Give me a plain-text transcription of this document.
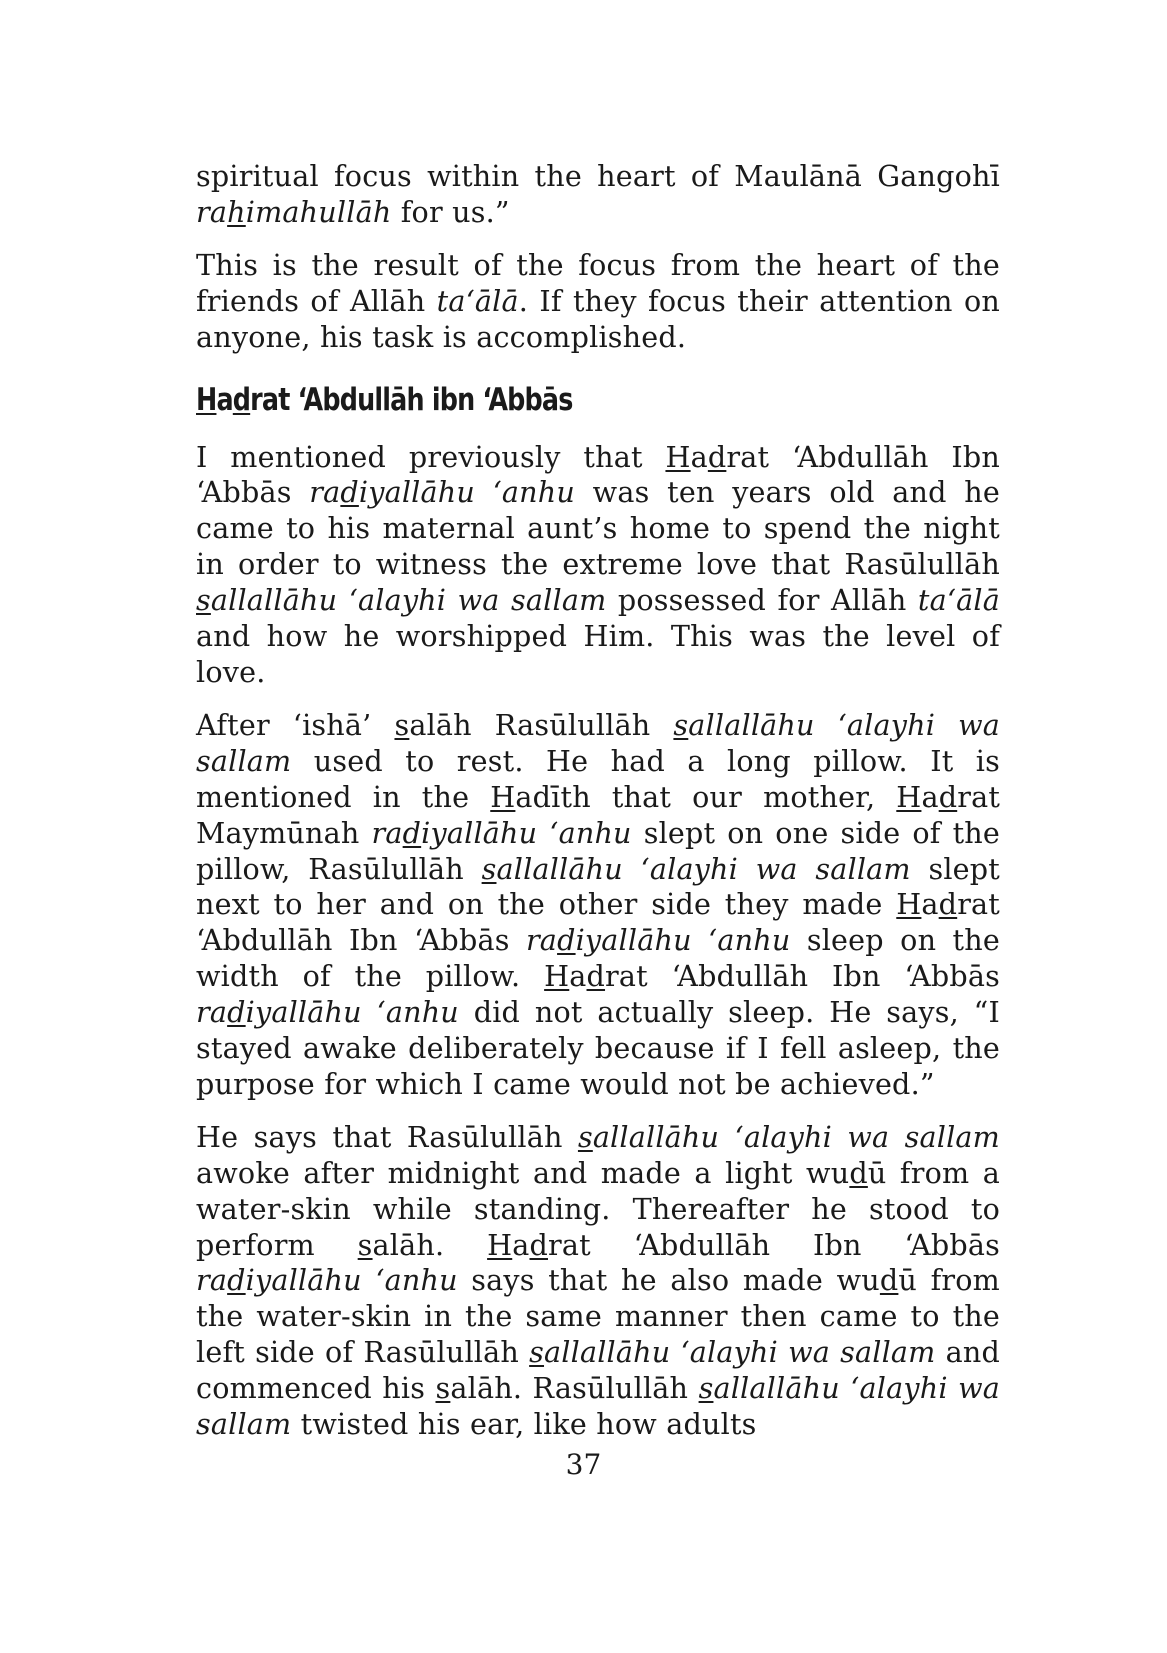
spiritual focus within the heart of Maulānā Gangohī rahimahullāh for us.”

This is the result of the focus from the heart of the friends of Allāh ta‘ālā. If they focus their attention on anyone, his task is accomplished.

Hadrat ‘Abdullāh ibn ‘Abbās

I mentioned previously that Hadrat ‘Abdullāh Ibn ‘Abbās radiyallāhu ‘anhu was ten years old and he came to his maternal aunt’s home to spend the night in order to witness the extreme love that Rasūlullāh sallallāhu ‘alayhi wa sallam possessed for Allāh ta‘ālā and how he worshipped Him. This was the level of love.

After ‘ishā’ salāh Rasūlullāh sallallāhu ‘alayhi wa sallam used to rest. He had a long pillow. It is mentioned in the Hadīth that our mother, Hadrat Maymūnah radiyallāhu ‘anhu slept on one side of the pillow, Rasūlullāh sallallāhu ‘alayhi wa sallam slept next to her and on the other side they made Hadrat ‘Abdullāh Ibn ‘Abbās radiyallāhu ‘anhu sleep on the width of the pillow. Hadrat ‘Abdullāh Ibn ‘Abbās radiyallāhu ‘anhu did not actually sleep. He says, “I stayed awake deliberately because if I fell asleep, the purpose for which I came would not be achieved.”

He says that Rasūlullāh sallallāhu ‘alayhi wa sallam awoke after midnight and made a light wudū from a water-skin while standing. Thereafter he stood to perform salāh. Hadrat ‘Abdullāh Ibn ‘Abbās radiyallāhu ‘anhu says that he also made wudū from the water-skin in the same manner then came to the left side of Rasūlullāh sallallāhu ‘alayhi wa sallam and commenced his salāh. Rasūlullāh sallallāhu ‘alayhi wa sallam twisted his ear, like how adults

37
